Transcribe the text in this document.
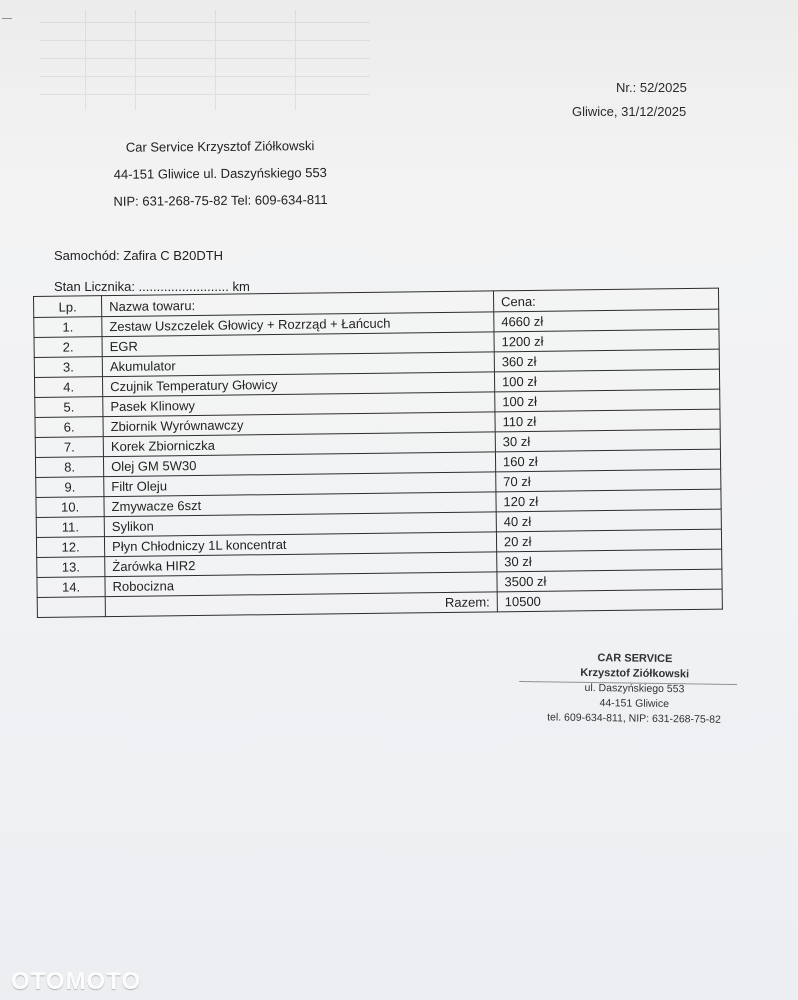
Nr.: 52/2025
Gliwice, 31/12/2025
Car Service Krzysztof Ziółkowski
44-151 Gliwice ul. Daszyńskiego 553
NIP: 631-268-75-82 Tel: 609-634-811
Samochód: Zafira C B20DTH
Stan Licznika: ......................... km
Lp.	Nazwa towaru:	Cena:
1.	Zestaw Uszczelek Głowicy + Rozrząd + Łańcuch	4660 zł
2.	EGR	1200 zł
3.	Akumulator	360 zł
4.	Czujnik Temperatury Głowicy	100 zł
5.	Pasek Klinowy	100 zł
6.	Zbiornik Wyrównawczy	110 zł
7.	Korek Zbiorniczka	30 zł
8.	Olej GM 5W30	160 zł
9.	Filtr Oleju	70 zł
10.	Zmywacze 6szt	120 zł
11.	Sylikon	40 zł
12.	Płyn Chłodniczy 1L koncentrat	20 zł
13.	Żarówka HIR2	30 zł
14.	Robocizna	3500 zł
	Razem:	10500
CAR SERVICE
Krzysztof Ziółkowski
ul. Daszyńskiego 553
44-151 Gliwice
tel. 609-634-811, NIP: 631-268-75-82
OTOMOTO
